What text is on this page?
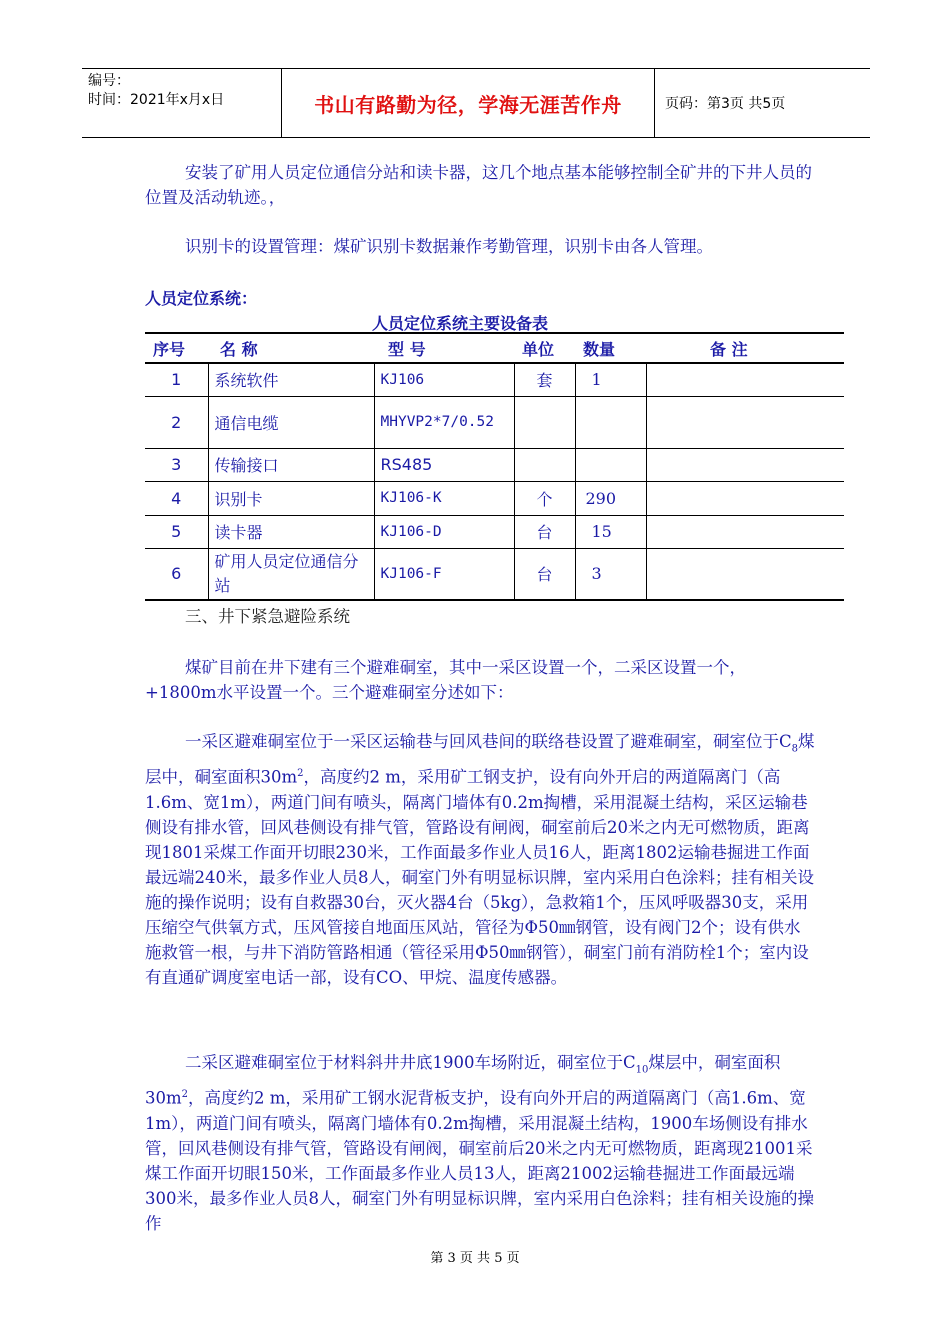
编号：
时间：2021年x月x日	书山有路勤为径，学海无涯苦作舟	页码：第3页 共5页

安装了矿用人员定位通信分站和读卡器，这几个地点基本能够控制全矿井的下井人员的位置及活动轨迹。，

识别卡的设置管理：煤矿识别卡数据兼作考勤管理，识别卡由各人管理。

人员定位系统：
人员定位系统主要设备表
序号	名 称	型 号	单位	数量	备 注
1	系统软件	KJ106	套	1	
2	通信电缆	MHYVP2*7/0.52			
3	传输接口	RS485			
4	识别卡	KJ106-K	个	290	
5	读卡器	KJ106-D	台	15	
6	矿用人员定位通信分站	KJ106-F	台	3	

三、井下紧急避险系统

煤矿目前在井下建有三个避难硐室，其中一采区设置一个，二采区设置一个，+1800m水平设置一个。三个避难硐室分述如下：

一采区避难硐室位于一采区运输巷与回风巷间的联络巷设置了避难硐室，硐室位于$C_8$煤层中，硐室面积$30m^2$，高度约2 m，采用矿工钢支护，设有向外开启的两道隔离门（高1.6m、宽1m），两道门间有喷头，隔离门墙体有0.2m掏槽，采用混凝土结构，采区运输巷侧设有排水管，回风巷侧设有排气管，管路设有闸阀，硐室前后20米之内无可燃物质，距离现1801采煤工作面开切眼230米，工作面最多作业人员16人，距离1802运输巷掘进工作面最远端240米，最多作业人员8人，硐室门外有明显标识牌，室内采用白色涂料；挂有相关设施的操作说明；设有自救器30台，灭火器4台（5kg），急救箱1个，压风呼吸器30支，采用压缩空气供氧方式，压风管接自地面压风站，管径为Φ50㎜钢管，设有阀门2个；设有供水施救管一根，与井下消防管路相通（管径采用Φ50㎜钢管），硐室门前有消防栓1个；室内设有直通矿调度室电话一部，设有CO、甲烷、温度传感器。

二采区避难硐室位于材料斜井井底1900车场附近，硐室位于$C_{10}$煤层中，硐室面积$30m^2$，高度约2 m，采用矿工钢水泥背板支护，设有向外开启的两道隔离门（高1.6m、宽1m），两道门间有喷头，隔离门墙体有0.2m掏槽，采用混凝土结构，1900车场侧设有排水管，回风巷侧设有排气管，管路设有闸阀，硐室前后20米之内无可燃物质，距离现21001采煤工作面开切眼150米，工作面最多作业人员13人，距离21002运输巷掘进工作面最远端300米，最多作业人员8人，硐室门外有明显标识牌，室内采用白色涂料；挂有相关设施的操作

第 3 页 共 5 页
